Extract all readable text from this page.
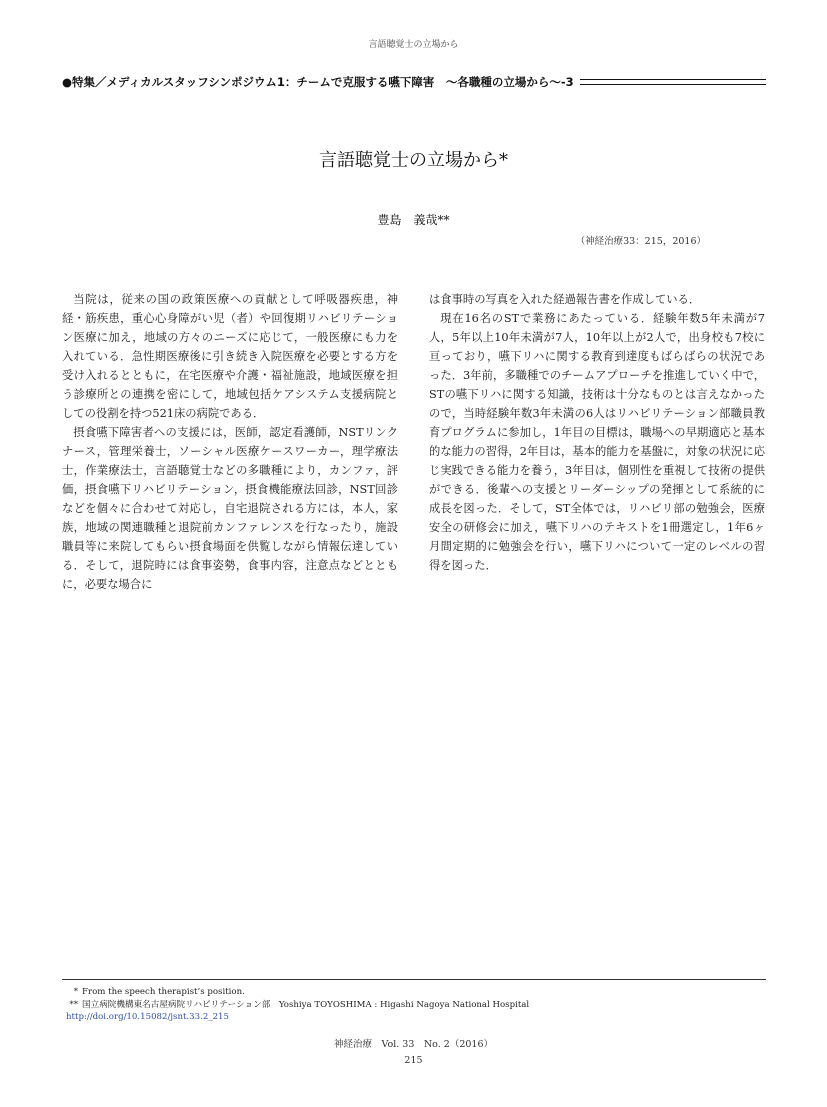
言語聴覚士の立場から
●特集／メディカルスタッフシンポジウム1：チームで克服する嚥下障害　～各職種の立場から～-3
言語聴覚士の立場から*
豊島　義哉**
（神経治療33：215，2016）

当院は，従来の国の政策医療への貢献として呼吸器疾患，神経・筋疾患，重心心身障がい児（者）や回復期リハビリテーション医療に加え，地域の方々のニーズに応じて，一般医療にも力を入れている．急性期医療後に引き続き入院医療を必要とする方を受け入れるとともに，在宅医療や介護・福祉施設，地域医療を担う診療所との連携を密にして，地域包括ケアシステム支援病院としての役割を持つ521床の病院である．

摂食嚥下障害者への支援には，医師，認定看護師，NSTリンクナース，管理栄養士，ソーシャル医療ケースワーカー，理学療法士，作業療法士，言語聴覚士などの多職種により，カンファ，評価，摂食嚥下リハビリテーション，摂食機能療法回診，NST回診などを個々に合わせて対応し，自宅退院される方には，本人，家族，地域の関連職種と退院前カンファレンスを行なったり，施設職員等に来院してもらい摂食場面を供覧しながら情報伝達している．そして，退院時には食事姿勢，食事内容，注意点などとともに，必要な場合に

は食事時の写真を入れた経過報告書を作成している．

現在16名のSTで業務にあたっている．経験年数5年未満が7人，5年以上10年未満が7人，10年以上が2人で，出身校も7校に亘っており，嚥下リハに関する教育到達度もばらばらの状況であった．3年前，多職種でのチームアプローチを推進していく中で，STの嚥下リハに関する知識，技術は十分なものとは言えなかったので，当時経験年数3年未満の6人はリハビリテーション部職員教育プログラムに参加し，1年目の目標は，職場への早期適応と基本的な能力の習得，2年目は，基本的能力を基盤に，対象の状況に応じ実践できる能力を養う，3年目は，個別性を重視して技術の提供ができる．後輩への支援とリーダーシップの発揮として系統的に成長を図った．そして，ST全体では，リハビリ部の勉強会，医療安全の研修会に加え，嚥下リハのテキストを1冊選定し，1年6ヶ月間定期的に勉強会を行い，嚥下リハについて一定のレベルの習得を図った．

* From the speech therapist’s position.
** 国立病院機構東名古屋病院リハビリテーション部　Yoshiya TOYOSHIMA : Higashi Nagoya National Hospital
http://doi.org/10.15082/jsnt.33.2_215
神経治療　Vol. 33　No. 2（2016）
215
